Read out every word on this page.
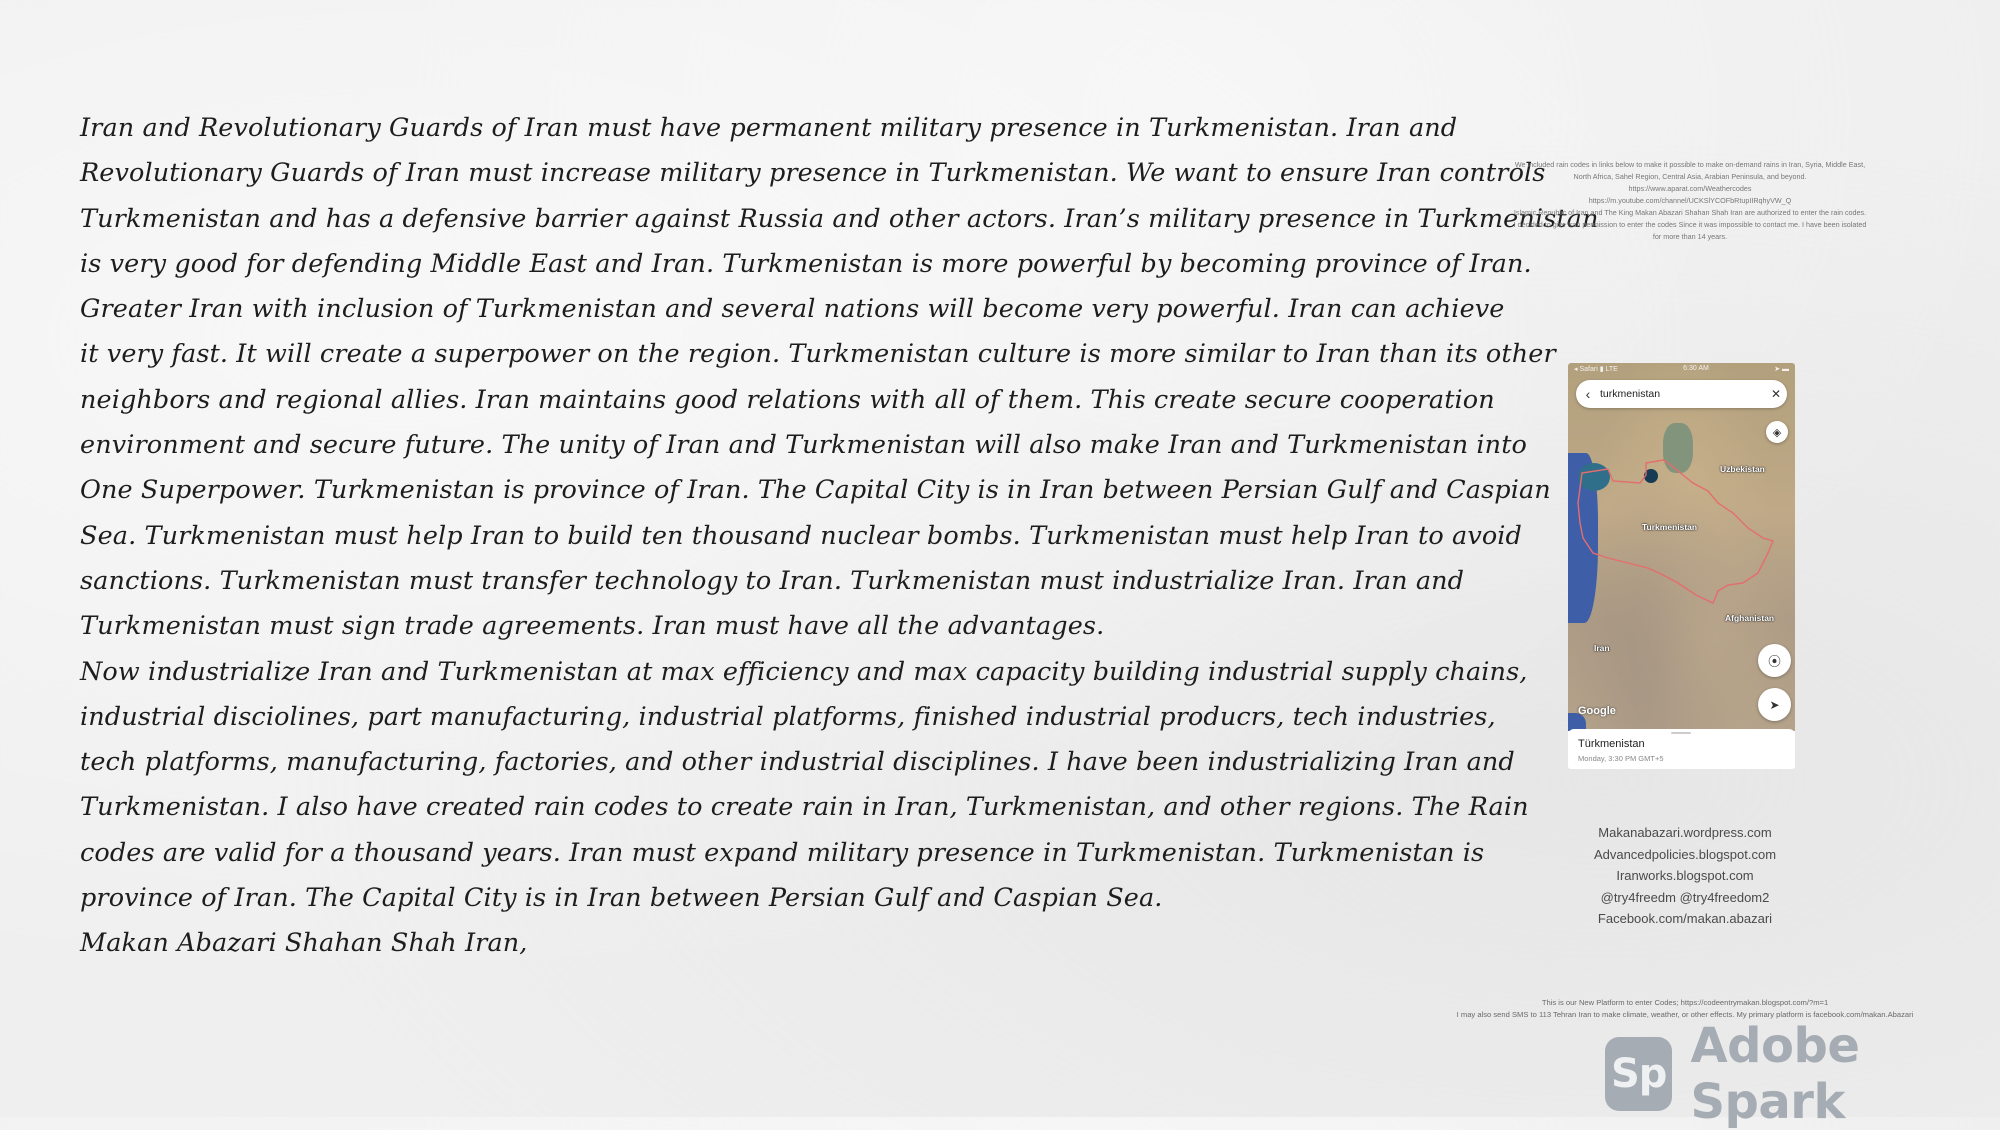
Iran and Revolutionary Guards of Iran must have permanent military presence in Turkmenistan. Iran and
Revolutionary Guards of Iran must increase military presence in Turkmenistan. We want to ensure Iran controls
Turkmenistan and has a defensive barrier against Russia and other actors. Iran’s military presence in Turkmenistan
is very good for defending Middle East and Iran. Turkmenistan is more powerful by becoming province of Iran.
Greater Iran with inclusion of Turkmenistan and several nations will become very powerful. Iran can achieve
it very fast. It will create a superpower on the region. Turkmenistan culture is more similar to Iran than its other
neighbors and regional allies. Iran maintains good relations with all of them. This create secure cooperation
environment and secure future. The unity of Iran and Turkmenistan will also make Iran and Turkmenistan into
One Superpower. Turkmenistan is province of Iran. The Capital City is in Iran between Persian Gulf and Caspian
Sea. Turkmenistan must help Iran to build ten thousand nuclear bombs. Turkmenistan must help Iran to avoid
sanctions. Turkmenistan must transfer technology to Iran. Turkmenistan must industrialize Iran. Iran and
Turkmenistan must sign trade agreements. Iran must have all the advantages.
Now industrialize Iran and Turkmenistan at max efficiency and max capacity building industrial supply chains,
industrial disciolines, part manufacturing, industrial platforms, finished industrial producrs, tech industries,
tech platforms, manufacturing, factories, and other industrial disciplines. I have been industrializing Iran and
Turkmenistan. I also have created rain codes to create rain in Iran, Turkmenistan, and other regions. The Rain
codes are valid for a thousand years. Iran must expand military presence in Turkmenistan. Turkmenistan is
province of Iran. The Capital City is in Iran between Persian Gulf and Caspian Sea.
Makan Abazari Shahan Shah Iran,
We included rain codes in links below to make it possible to make on-demand rains in Iran, Syria, Middle East,
North Africa, Sahel Region, Central Asia, Arabian Peninsula, and beyond.
https://www.aparat.com/Weathercodes
https://m.youtube.com/channel/UCKSlYCOFbRtupIIRqhyVW_Q
Islamic Republic of Iran and The King Makan Abazari Shahan Shah Iran are authorized to enter the rain codes.
I decided to give Iran permission to enter the codes Since it was impossible to contact me. I have been isolated
for more than 14 years.
◂ Safari ▮ LTE	6:30 AM	➤ ▬
‹ turkmenistan	✕
◈
Uzbekistan
Turkmenistan
Afghanistan
Iran
⦿
➤
Google
Türkmenistan
Monday, 3:30 PM GMT+5
Makanabazari.wordpress.com
Advancedpolicies.blogspot.com
Iranworks.blogspot.com
@try4freedm @try4freedom2
Facebook.com/makan.abazari
This is our New Platform to enter Codes; https://codeentrymakan.blogspot.com/?m=1
I may also send SMS to 113 Tehran Iran to make climate, weather, or other effects. My primary platform is facebook.com/makan.Abazari
Sp Adobe Spark
